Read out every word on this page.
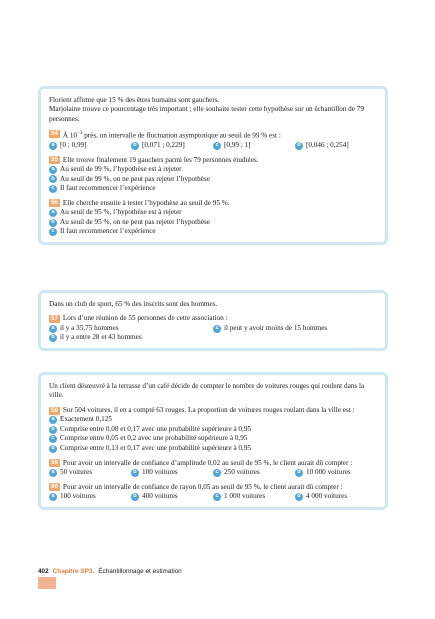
Florient affirme que 15 % des êtres humains sont gauchers.

Marjolaine trouve ce pourcentage très important ; elle souhaite tester cette hypothèse sur un échantillon de 79 personnes.

54 À $10^{-3}$ près, un intervalle de fluctuation asymptotique au seuil de 99 % est :
a [0 ; 0,99]	b [0,071 ; 0,229]	c [0,99 ; 1]	d [0,046 ; 0,254]
55 Elle trouve finalement 19 gauchers parmi les 79 personnes étudiées.
a Au seuil de 99 %, l’hypothèse est à rejeter
b Au seuil de 99 %, on ne peut pas rejeter l’hypothèse
c Il faut recommencer l’expérience
56 Elle cherche ensuite à tester l’hypothèse au seuil de 95 %.
a Au seuil de 95 %, l’hypothèse est à rejeter
b Au seuil de 95 %, on ne peut pas rejeter l’hypothèse
c Il faut recommencer l’expérience

Dans un club de sport, 65 % des inscrits sont des hommes.

57 Lors d’une réunion de 55 personnes de cette association :
a il y a 35,75 hommes	c il peut y avoir moins de 15 hommes
b il y a entre 28 et 43 hommes

Un client désœuvré à la terrasse d’un café décide de compter le nombre de voitures rouges qui roulent dans la ville.

58 Sur 504 voitures, il en a compté 63 rouges. La proportion de voitures rouges roulant dans la ville est :
a Exactement 0,125
b Comprise entre 0,08 et 0,17 avec une probabilité supérieure à 0,95
c Comprise entre 0,05 et 0,2 avec une probabilité supérieure à 0,95
d Comprise entre 0,13 et 0,17 avec une probabilité supérieure à 0,95
59 Pour avoir un intervalle de confiance d’amplitude 0,02 au seuil de 95 %, le client aurait dû compter :
a 50 voitures	b 100 voitures	c 250 voitures	d 10 000 voitures
60 Pour avoir un intervalle de confiance de rayon 0,05 au seuil de 95 %, le client aurait dû compter :
a 100 voitures	b 400 voitures	c 1 000 voitures	d 4 000 voitures
402 Chapitre SP3. Échantillonnage et estimation
